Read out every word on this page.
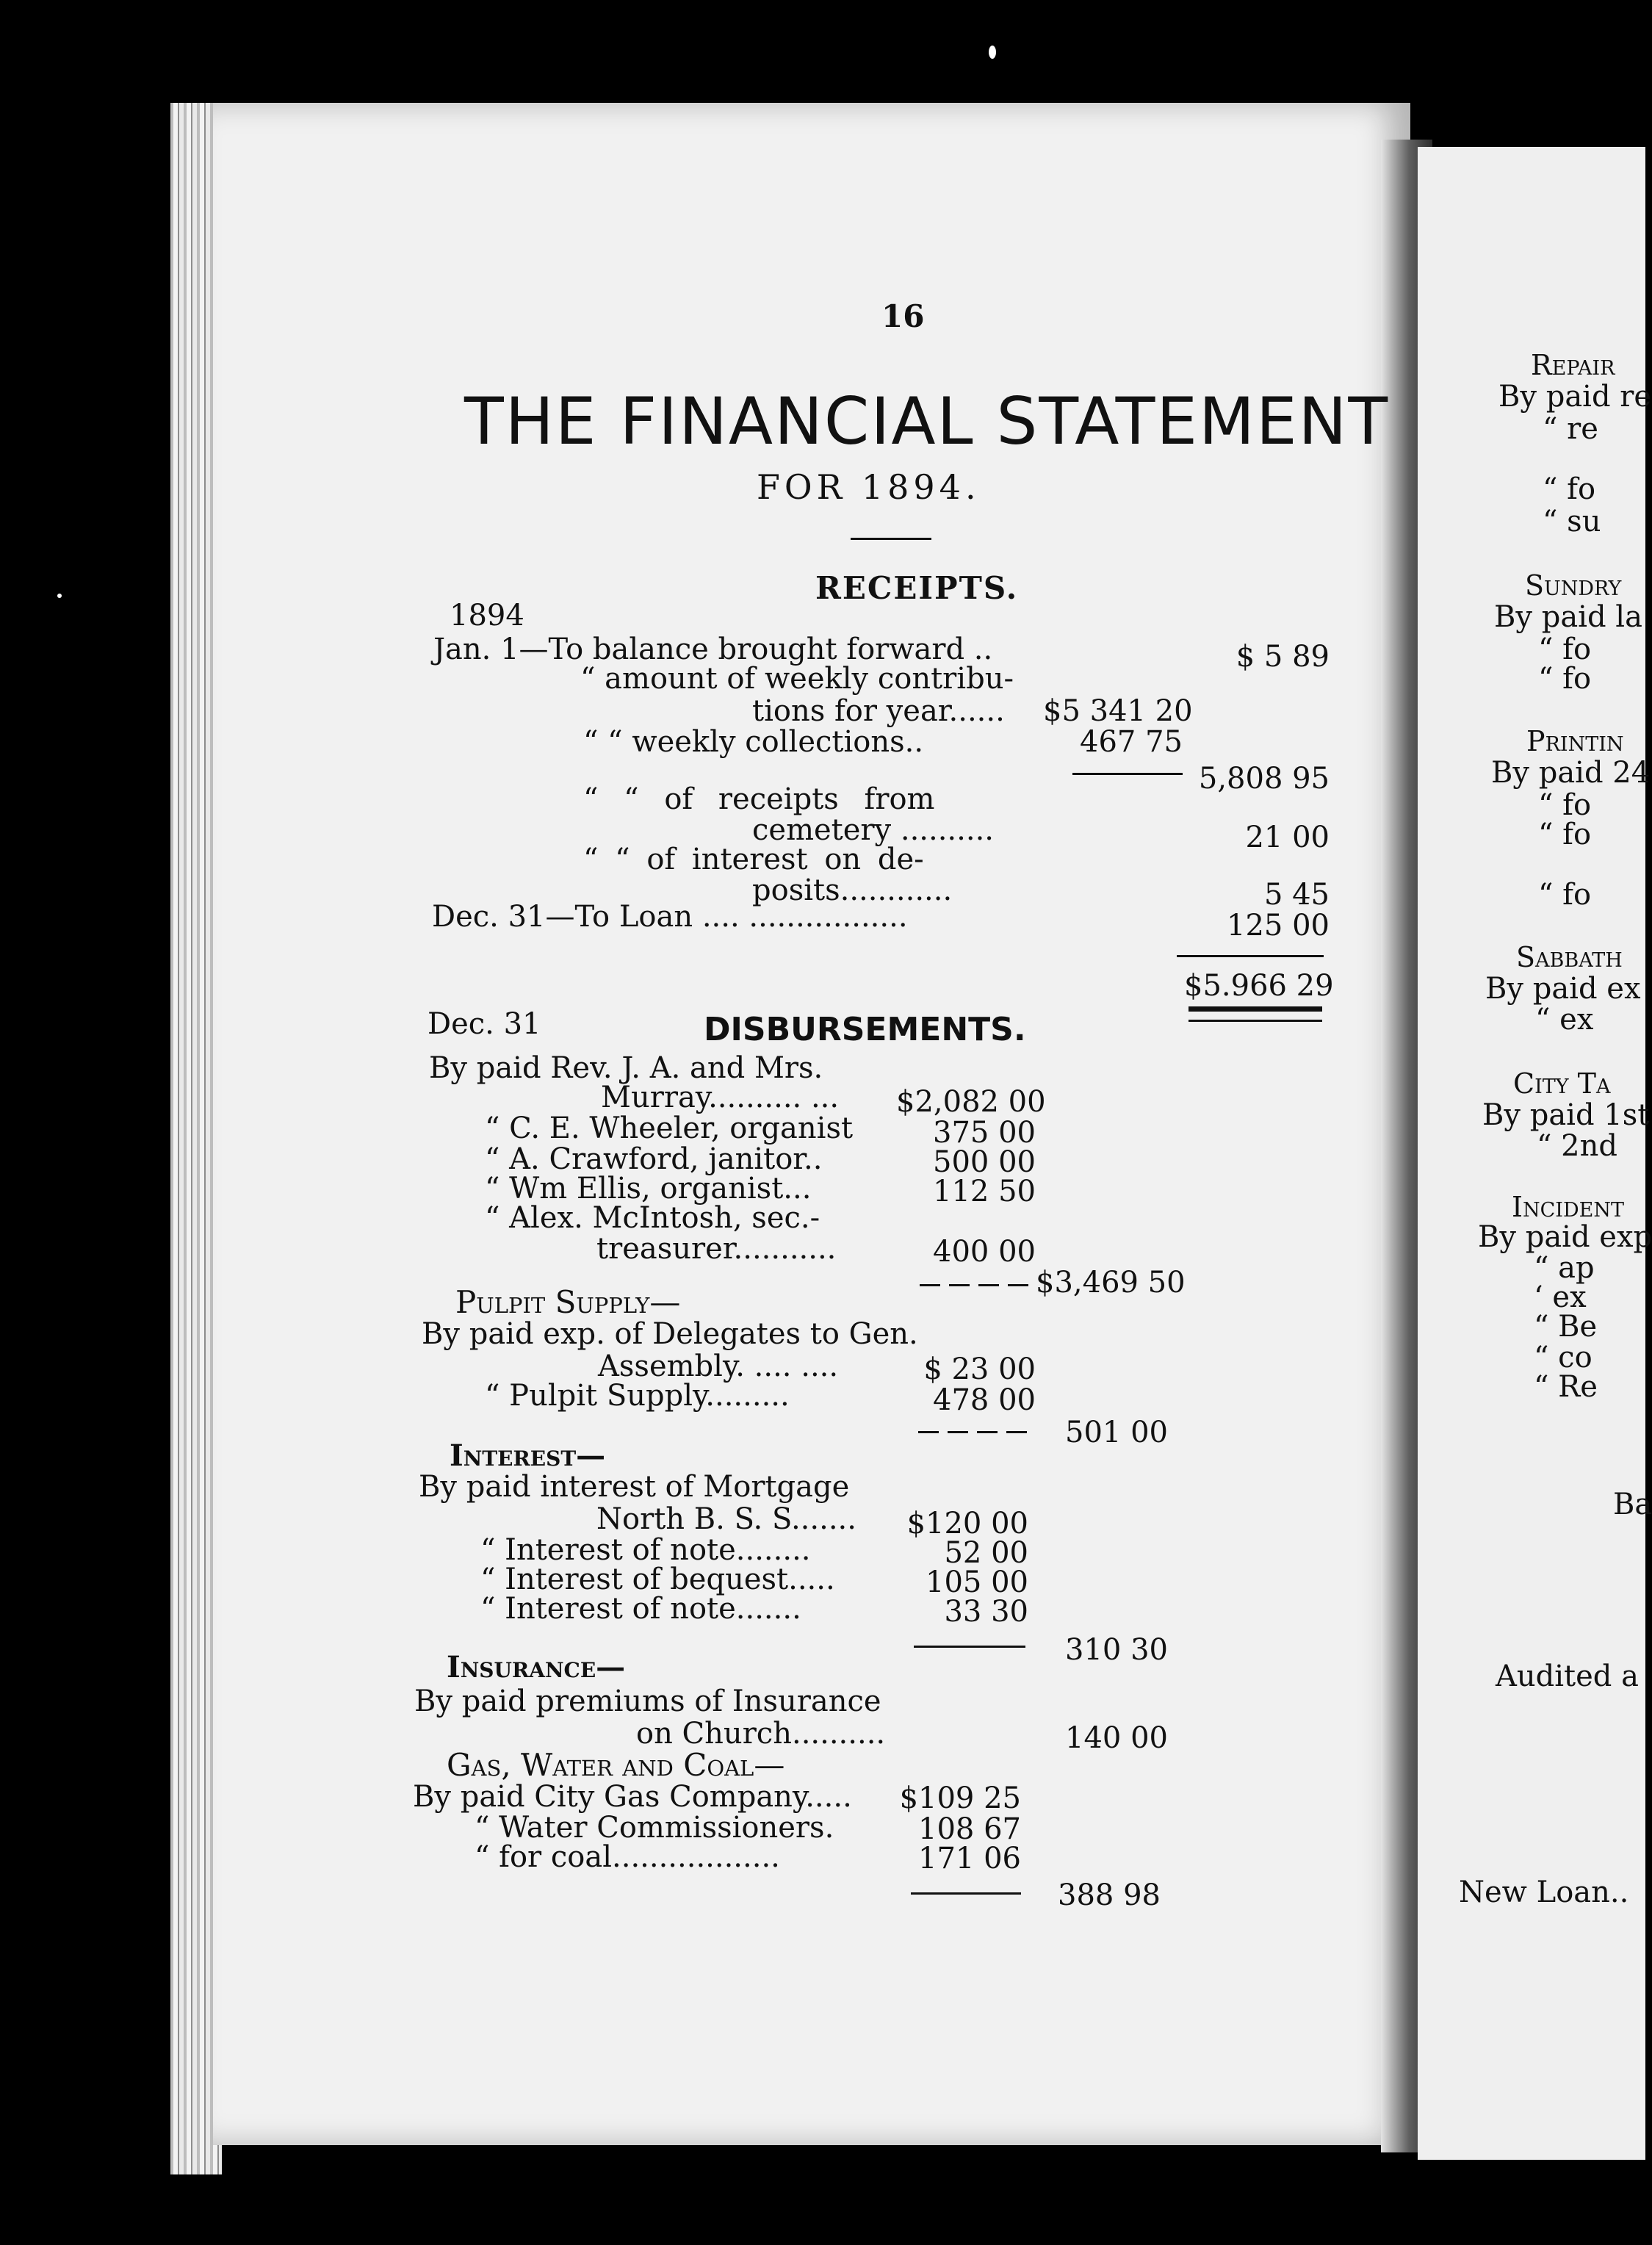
16
THE FINANCIAL STATEMENT
FOR 1894.
RECEIPTS.
1894
Jan. 1—To balance brought forward ..	$ 5 89
“ amount of weekly contribu-
tions for year...... $5 341 20
“ “ weekly collections..	467 75
5,808 95
“ “ of receipts from
cemetery ..........	21 00
“ “ of interest on de-
posits............	5 45
Dec. 31—To Loan .... .................	125 00
$5.966 29
Dec. 31	DISBURSEMENTS.
By paid Rev. J. A. and Mrs.
Murray.......... ... $2,082 00
“ C. E. Wheeler, organist	375 00
“ A. Crawford, janitor..	500 00
“ Wm Ellis, organist...	112 50
“ Alex. McIntosh, sec.-
treasurer...........	400 00
$3,469 50
Pulpit Supply—
By paid exp. of Delegates to Gen.
Assembly. .... ....	$ 23 00
“ Pulpit Supply.........	478 00
501 00
Interest—
By paid interest of Mortgage
North B. S. S.......	$120 00
“ Interest of note........	52 00
“ Interest of bequest.....	105 00
“ Interest of note.......	33 30
310 30
Insurance—
By paid premiums of Insurance
on Church..........	140 00
Gas, Water and Coal—
By paid City Gas Company.....	$109 25
“ Water Commissioners.	108 67
“ for coal..................	171 06
388 98
Repair
By paid re
“ re
“ fo
“ su
Sundry
By paid la
“ fo
“ fo
Printin
By paid 24
“ fo
“ fo
“ fo
Sabbath
By paid ex
“ ex
City Ta
By paid 1st
“ 2nd
Incident
By paid exp
“ ap
‘ ex
“ Be
“ co
“ Re
Ba
Audited a
New Loan..
